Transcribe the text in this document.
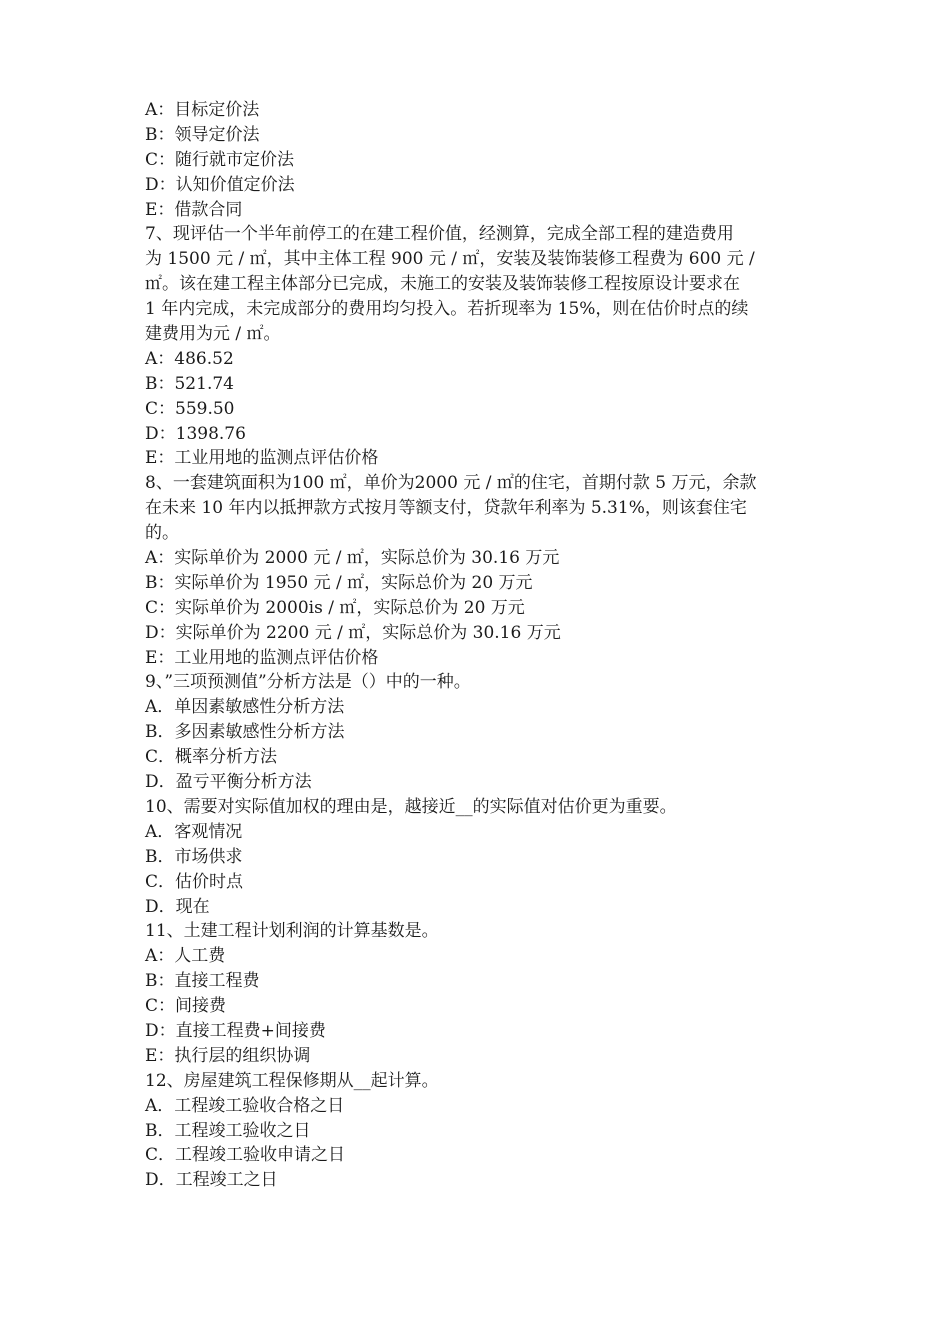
A：目标定价法
B：领导定价法
C：随行就市定价法
D：认知价值定价法
E：借款合同
7、现评估一个半年前停工的在建工程价值，经测算，完成全部工程的建造费用
为 1500 元 / ㎡，其中主体工程 900 元 / ㎡，安装及装饰装修工程费为 600 元 /
㎡。该在建工程主体部分已完成，未施工的安装及装饰装修工程按原设计要求在
1 年内完成，未完成部分的费用均匀投入。若折现率为 15%，则在估价时点的续
建费用为元 / ㎡。
A：486.52
B：521.74
C：559.50
D：1398.76
E：工业用地的监测点评估价格
8、一套建筑面积为100 ㎡，单价为2000 元 / ㎡的住宅，首期付款 5 万元，余款
在未来 10 年内以抵押款方式按月等额支付，贷款年利率为 5.31%，则该套住宅
的。
A：实际单价为 2000 元 / ㎡，实际总价为 30.16 万元
B：实际单价为 1950 元 / ㎡，实际总价为 20 万元
C：实际单价为 2000is / ㎡，实际总价为 20 万元
D：实际单价为 2200 元 / ㎡，实际总价为 30.16 万元
E：工业用地的监测点评估价格
9、”三项预测值”分析方法是（）中的一种。
A．单因素敏感性分析方法
B．多因素敏感性分析方法
C．概率分析方法
D．盈亏平衡分析方法
10、需要对实际值加权的理由是，越接近__的实际值对估价更为重要。
A．客观情况
B．市场供求
C．估价时点
D．现在
11、土建工程计划利润的计算基数是。
A：人工费
B：直接工程费
C：间接费
D：直接工程费+间接费
E：执行层的组织协调
12、房屋建筑工程保修期从__起计算。
A．工程竣工验收合格之日
B．工程竣工验收之日
C．工程竣工验收申请之日
D．工程竣工之日
